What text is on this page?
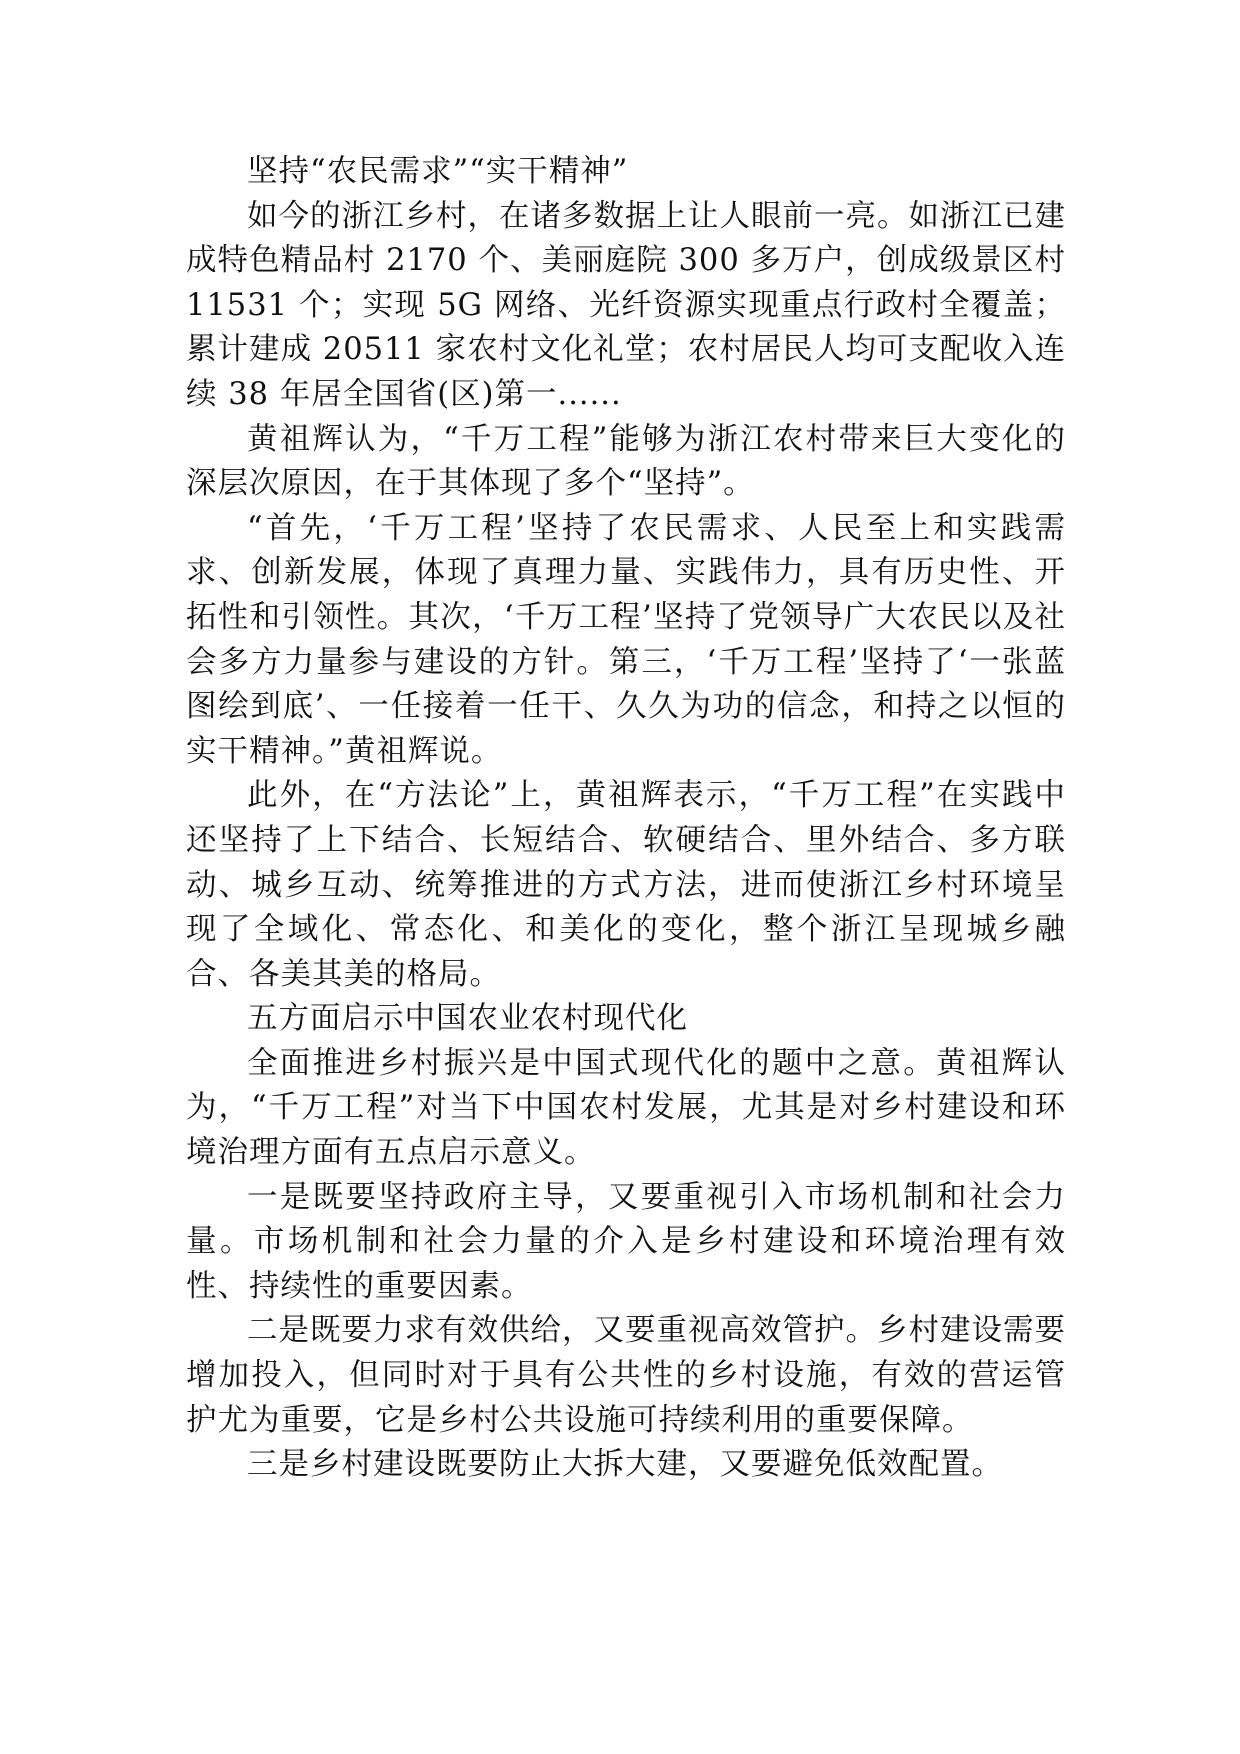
坚持“农民需求”“实干精神”

如今的浙江乡村，在诸多数据上让人眼前一亮。如浙江已建成特色精品村 2170 个、美丽庭院 300 多万户，创成级景区村 11531 个；实现 5G 网络、光纤资源实现重点行政村全覆盖；累计建成 20511 家农村文化礼堂；农村居民人均可支配收入连续 38 年居全国省(区)第一......

黄祖辉认为，“千万工程”能够为浙江农村带来巨大变化的深层次原因，在于其体现了多个“坚持”。

“首先，‘千万工程’坚持了农民需求、人民至上和实践需求、创新发展，体现了真理力量、实践伟力，具有历史性、开拓性和引领性。其次，‘千万工程’坚持了党领导广大农民以及社会多方力量参与建设的方针。第三，‘千万工程’坚持了‘一张蓝图绘到底’、一任接着一任干、久久为功的信念，和持之以恒的实干精神。”黄祖辉说。

此外，在“方法论”上，黄祖辉表示，“千万工程”在实践中还坚持了上下结合、长短结合、软硬结合、里外结合、多方联动、城乡互动、统筹推进的方式方法，进而使浙江乡村环境呈现了全域化、常态化、和美化的变化，整个浙江呈现城乡融合、各美其美的格局。

五方面启示中国农业农村现代化

全面推进乡村振兴是中国式现代化的题中之意。黄祖辉认为，“千万工程”对当下中国农村发展，尤其是对乡村建设和环境治理方面有五点启示意义。

一是既要坚持政府主导，又要重视引入市场机制和社会力量。市场机制和社会力量的介入是乡村建设和环境治理有效性、持续性的重要因素。

二是既要力求有效供给，又要重视高效管护。乡村建设需要增加投入，但同时对于具有公共性的乡村设施，有效的营运管护尤为重要，它是乡村公共设施可持续利用的重要保障。

三是乡村建设既要防止大拆大建，又要避免低效配置。
